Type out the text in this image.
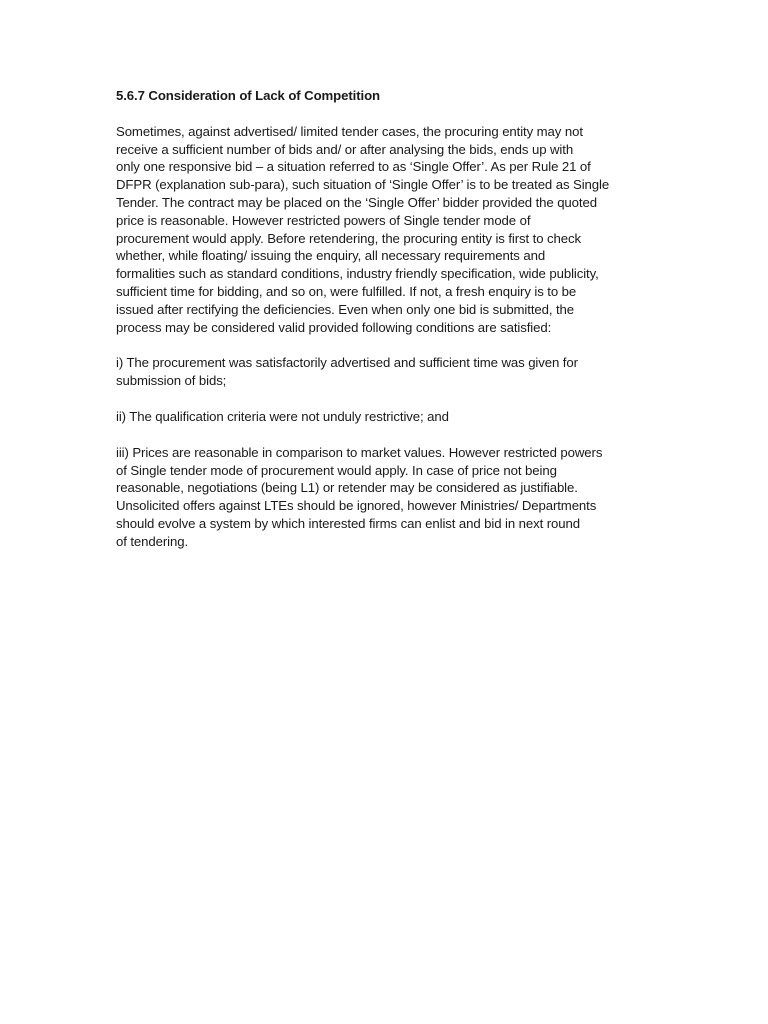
5.6.7 Consideration of Lack of Competition
Sometimes, against advertised/ limited tender cases, the procuring entity may not
receive a sufficient number of bids and/ or after analysing the bids, ends up with
only one responsive bid – a situation referred to as ‘Single Offer’. As per Rule 21 of
DFPR (explanation sub-para), such situation of ‘Single Offer’ is to be treated as Single
Tender. The contract may be placed on the ‘Single Offer’ bidder provided the quoted
price is reasonable. However restricted powers of Single tender mode of
procurement would apply. Before retendering, the procuring entity is first to check
whether, while floating/ issuing the enquiry, all necessary requirements and
formalities such as standard conditions, industry friendly specification, wide publicity,
sufficient time for bidding, and so on, were fulfilled. If not, a fresh enquiry is to be
issued after rectifying the deficiencies. Even when only one bid is submitted, the
process may be considered valid provided following conditions are satisfied:
i) The procurement was satisfactorily advertised and sufficient time was given for
submission of bids;
ii) The qualification criteria were not unduly restrictive; and
iii) Prices are reasonable in comparison to market values. However restricted powers
of Single tender mode of procurement would apply. In case of price not being
reasonable, negotiations (being L1) or retender may be considered as justifiable.
Unsolicited offers against LTEs should be ignored, however Ministries/ Departments
should evolve a system by which interested firms can enlist and bid in next round
of tendering.
